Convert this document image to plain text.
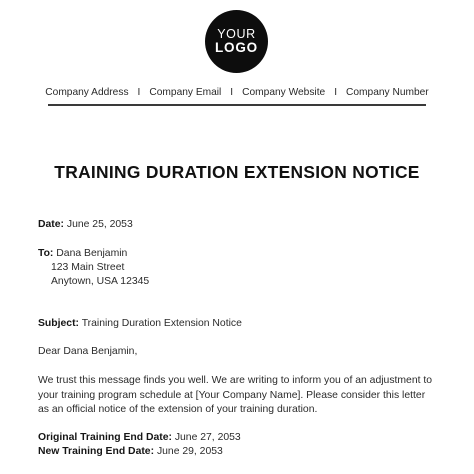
YOUR
LOGO
Company Address I Company Email I Company Website I Company Number
TRAINING DURATION EXTENSION NOTICE
Date: June 25, 2053
To: Dana Benjamin
123 Main Street
Anytown, USA 12345
Subject: Training Duration Extension Notice
Dear Dana Benjamin,
We trust this message finds you well. We are writing to inform you of an adjustment to your training program schedule at [Your Company Name]. Please consider this letter as an official notice of the extension of your training duration.
Original Training End Date: June 27, 2053
New Training End Date: June 29, 2053
